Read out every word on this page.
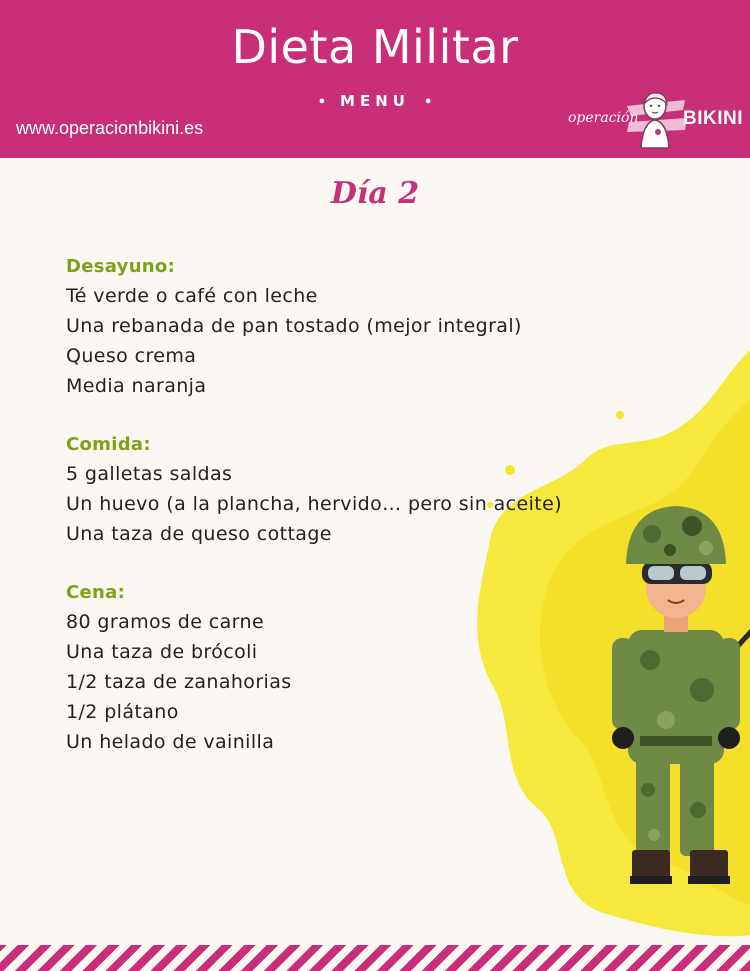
Dieta Militar
• MENU •
www.operacionbikini.es	operación BIKINI
Día 2
Desayuno:
Té verde o café con leche
Una rebanada de pan tostado (mejor integral)
Queso crema
Media naranja
Comida:
5 galletas saldas
Un huevo (a la plancha, hervido… pero sin aceite)
Una taza de queso cottage
Cena:
80 gramos de carne
Una taza de brócoli
1/2 taza de zanahorias
1/2 plátano
Un helado de vainilla
